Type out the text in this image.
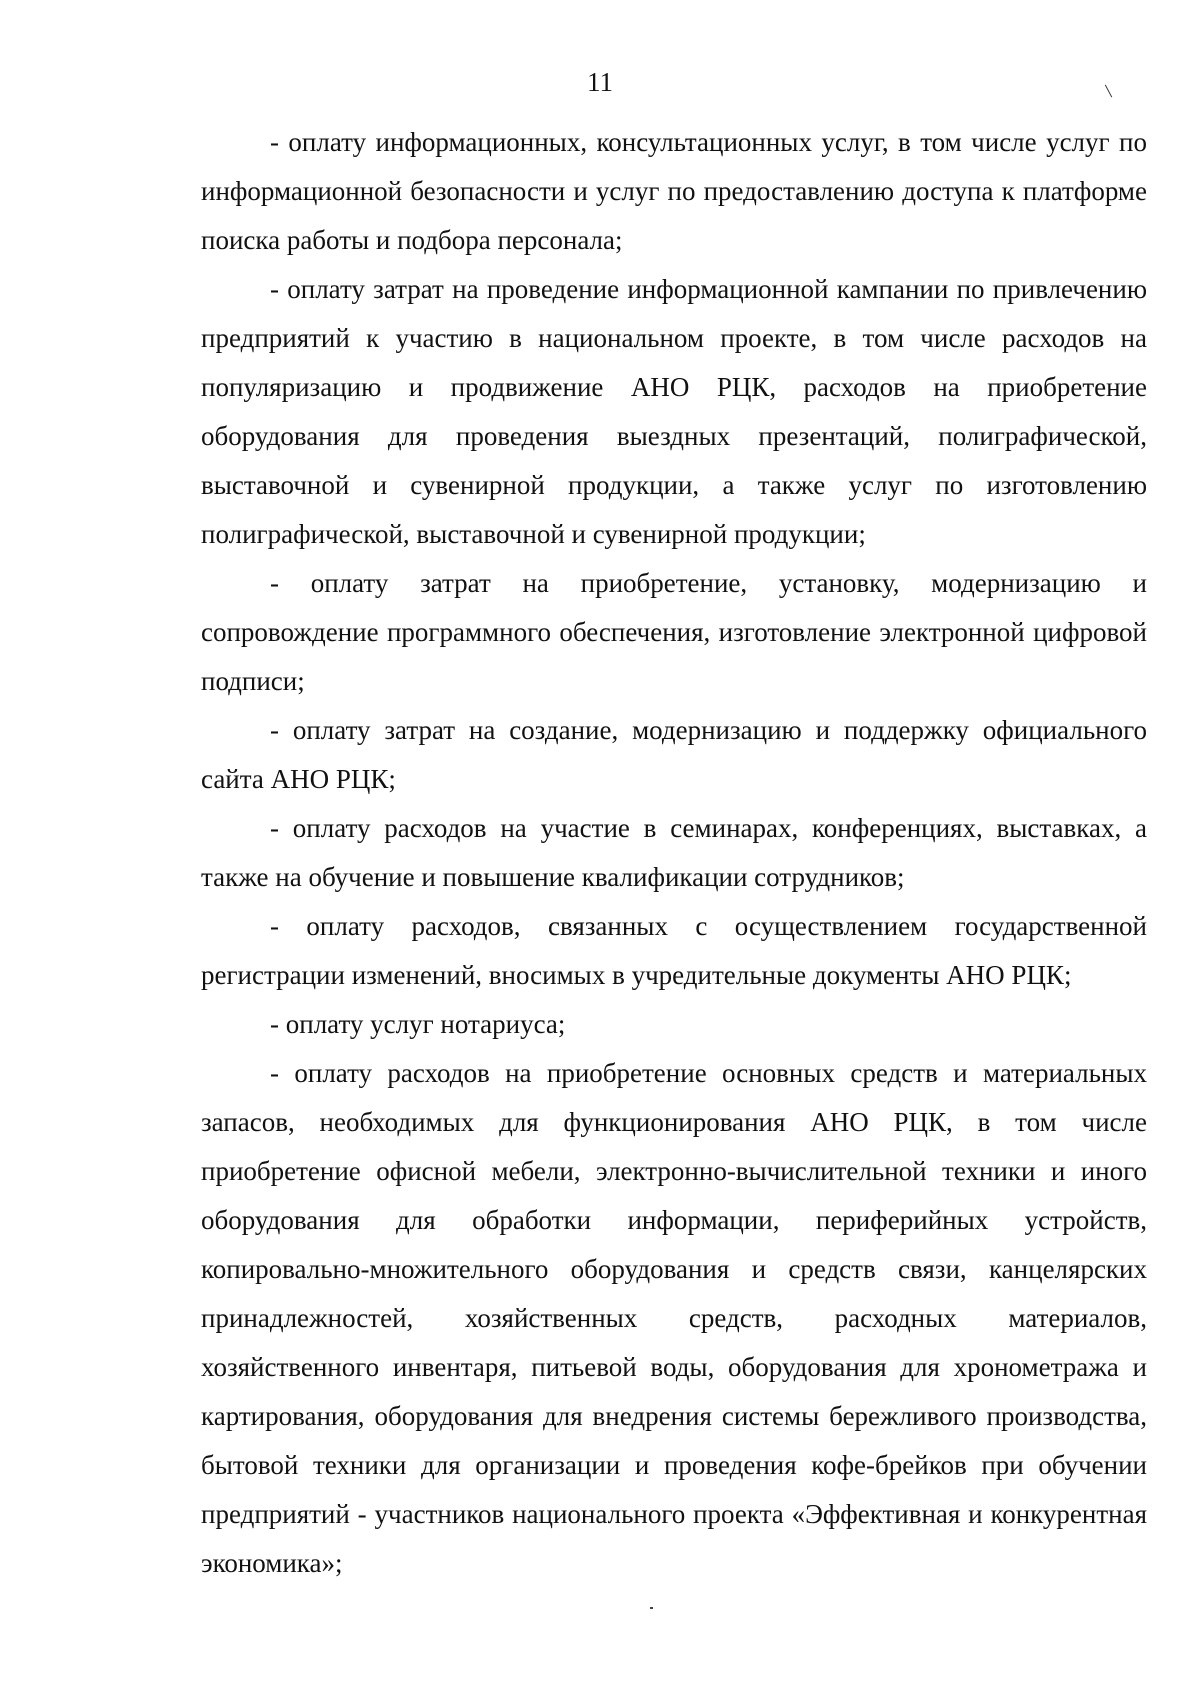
11

- оплату информационных, консультационных услуг, в том числе услуг по информационной безопасности и услуг по предоставлению доступа к платформе поиска работы и подбора персонала;

- оплату затрат на проведение информационной кампании по привлечению предприятий к участию в национальном проекте, в том числе расходов на популяризацию и продвижение АНО РЦК, расходов на приобретение оборудования для проведения выездных презентаций, полиграфической, выставочной и сувенирной продукции, а также услуг по изготовлению полиграфической, выставочной и сувенирной продукции;

- оплату затрат на приобретение, установку, модернизацию и сопровождение программного обеспечения, изготовление электронной цифровой подписи;

- оплату затрат на создание, модернизацию и поддержку официального сайта АНО РЦК;

- оплату расходов на участие в семинарах, конференциях, выставках, а также на обучение и повышение квалификации сотрудников;

- оплату расходов, связанных с осуществлением государственной регистрации изменений, вносимых в учредительные документы АНО РЦК;

- оплату услуг нотариуса;

- оплату расходов на приобретение основных средств и материальных запасов, необходимых для функционирования АНО РЦК, в том числе приобретение офисной мебели, электронно-вычислительной техники и иного оборудования для обработки информации, периферийных устройств, копировально-множительного оборудования и средств связи, канцелярских принадлежностей, хозяйственных средств, расходных материалов, хозяйственного инвентаря, питьевой воды, оборудования для хронометража и картирования, оборудования для внедрения системы бережливого производства, бытовой техники для организации и проведения кофе-брейков при обучении предприятий - участников национального проекта «Эффективная и конкурентная экономика»;
